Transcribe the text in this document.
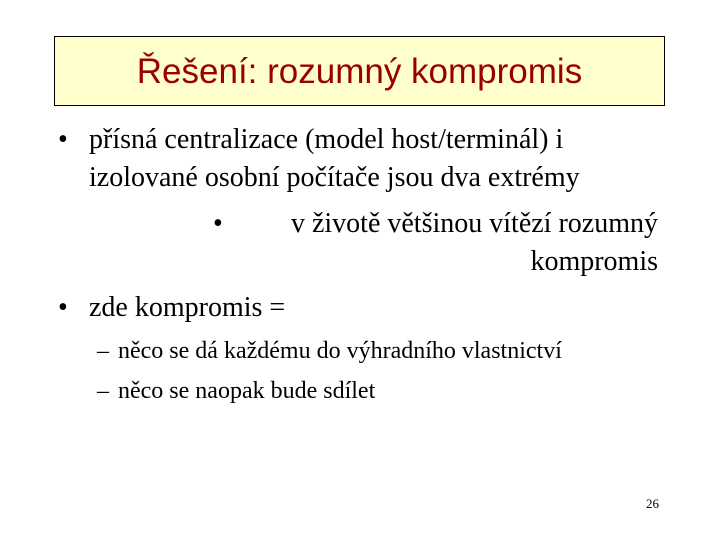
Řešení: rozumný kompromis
• přísná centralizace (model host/terminál) i
izolované osobní počítače jsou dva extrémy
• v životě většinou vítězí rozumný
kompromis
• zde kompromis =
– něco se dá každému do výhradního vlastnictví
– něco se naopak bude sdílet
26
